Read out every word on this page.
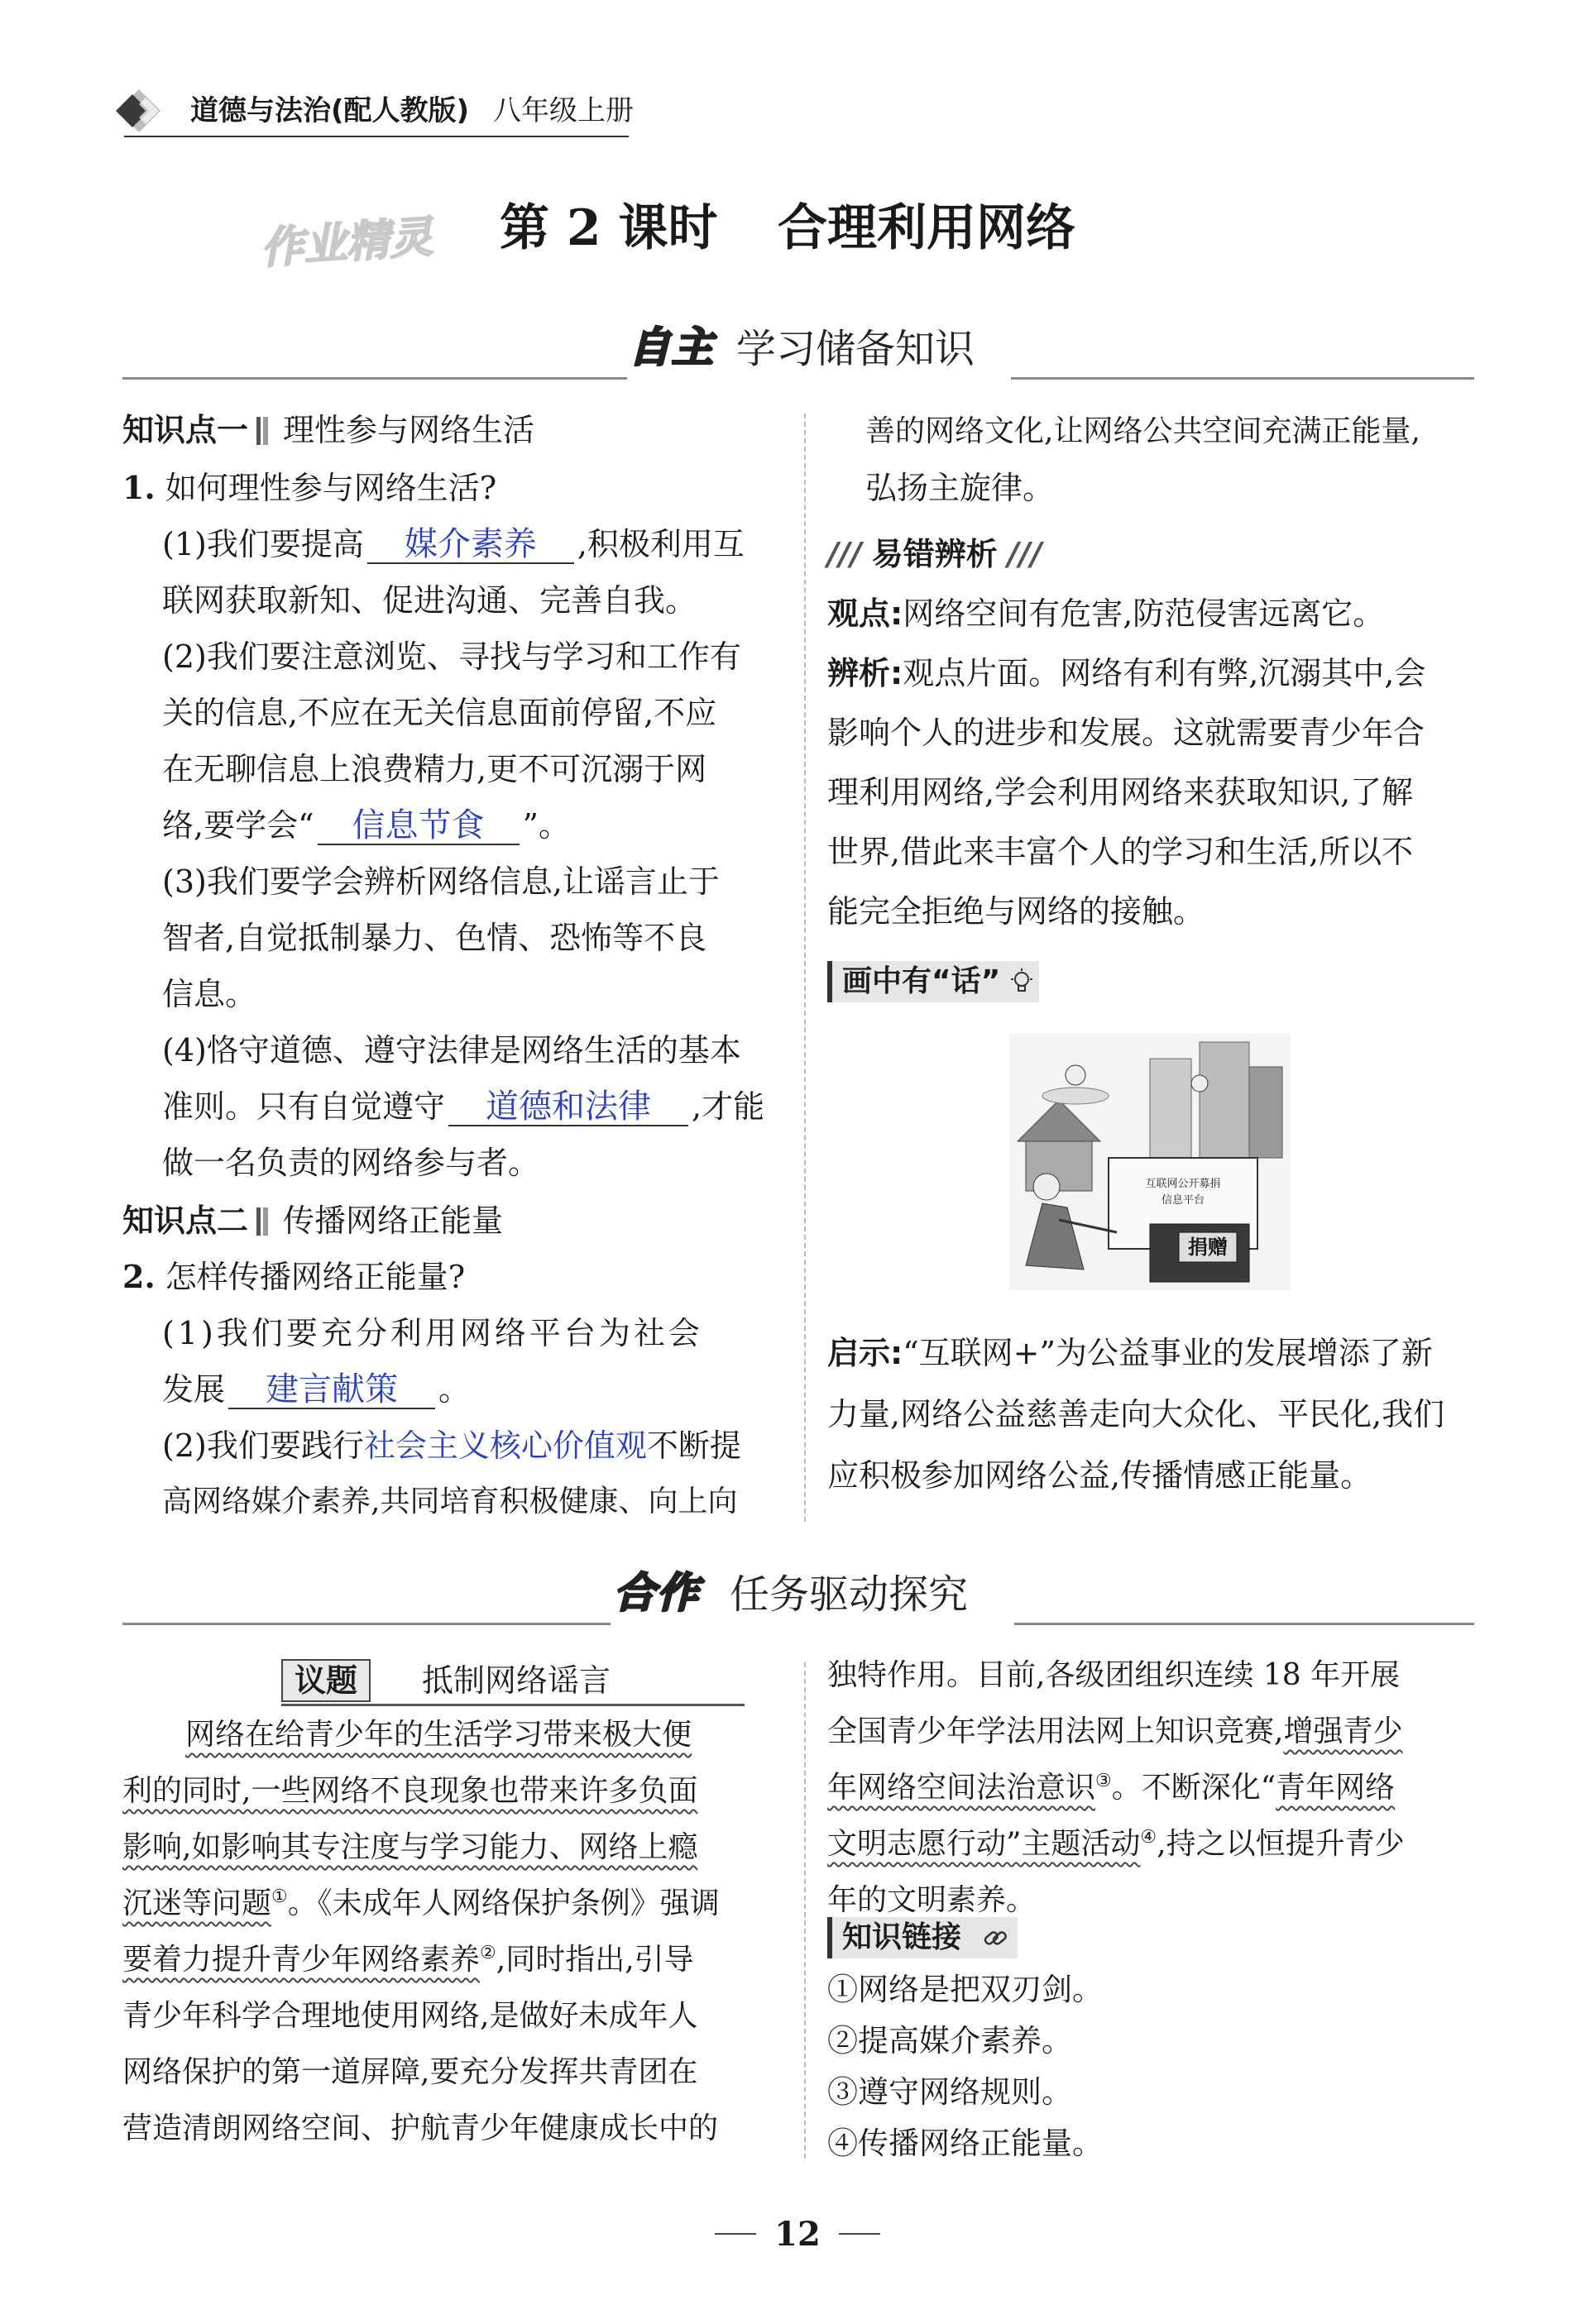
道德与法治(配人教版) 八年级上册
作业精灵 第 2 课时 合理利用网络
自主 学习储备知识
知识点一 理性参与网络生活
1. 如何理性参与网络生活?
(1)我们要提高 媒介素养 ,积极利用互
联网获取新知、促进沟通、完善自我。
(2)我们要注意浏览、寻找与学习和工作有
关的信息,不应在无关信息面前停留,不应
在无聊信息上浪费精力,更不可沉溺于网
络,要学会“ 信息节食 ”。
(3)我们要学会辨析网络信息,让谣言止于
智者,自觉抵制暴力、色情、恐怖等不良
信息。
(4)恪守道德、遵守法律是网络生活的基本
准则。只有自觉遵守 道德和法律 ,才能
做一名负责的网络参与者。
知识点二 传播网络正能量
2. 怎样传播网络正能量?
(1)我们要充分利用网络平台为社会
发展 建言献策 。
(2)我们要践行社会主义核心价值观不断提
高网络媒介素养,共同培育积极健康、向上向
善的网络文化,让网络公共空间充满正能量,
弘扬主旋律。
/// 易错辨析 ///
观点:网络空间有危害,防范侵害远离它。
辨析:观点片面。网络有利有弊,沉溺其中,会
影响个人的进步和发展。这就需要青少年合
理利用网络,学会利用网络来获取知识,了解
世界,借此来丰富个人的学习和生活,所以不
能完全拒绝与网络的接触。
画中有“话”
互联网公开募捐
信息平台
捐赠
启示:“互联网+”为公益事业的发展增添了新
力量,网络公益慈善走向大众化、平民化,我们
应积极参加网络公益,传播情感正能量。
合作 任务驱动探究
议题	抵制网络谣言
网络在给青少年的生活学习带来极大便
利的同时,一些网络不良现象也带来许多负面
影响,如影响其专注度与学习能力、网络上瘾
沉迷等问题①。《未成年人网络保护条例》强调
要着力提升青少年网络素养②,同时指出,引导
青少年科学合理地使用网络,是做好未成年人
网络保护的第一道屏障,要充分发挥共青团在
营造清朗网络空间、护航青少年健康成长中的
独特作用。目前,各级团组织连续 18 年开展
全国青少年学法用法网上知识竞赛,增强青少
年网络空间法治意识③。不断深化“青年网络
文明志愿行动”主题活动④,持之以恒提升青少
年的文明素养。
知识链接
①网络是把双刃剑。
②提高媒介素养。
③遵守网络规则。
④传播网络正能量。
12
